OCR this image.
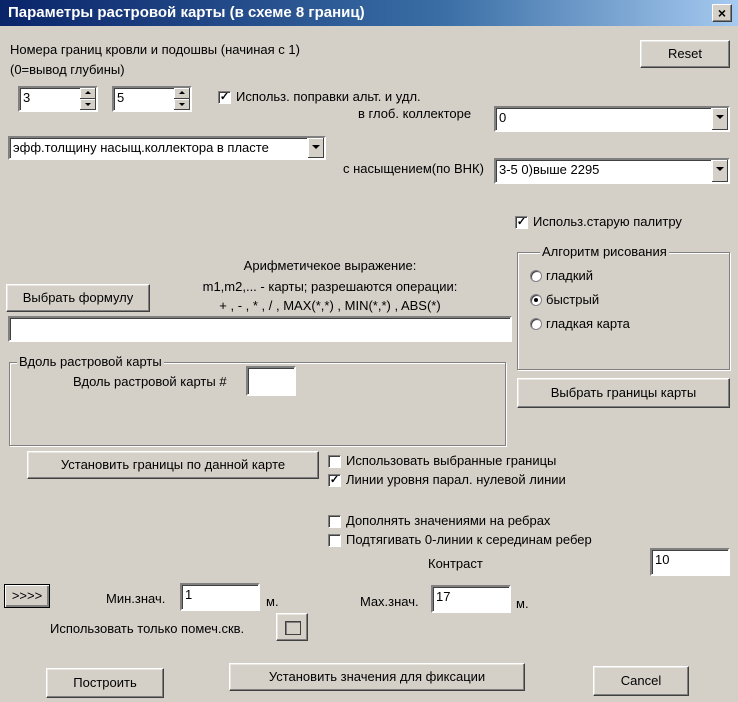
Параметры растровой карты (в схеме 8 границ)	×
Номера границ кровли и подошвы (начиная с 1)
(0=вывод глубины)
Reset
3	5	✓ Использ. поправки альт. и удл.
в глоб. коллекторе 0
эфф.толщину насыщ.коллектора в пласте
с насыщением(по ВНК) 3-5 0)выше 2295
✓ Использ.старую палитру
Алгоритм рисования
гладкий
быстрый
гладкая карта
Арифметичекое выражение:
m1,m2,... - карты; разрешаются операции:
+ , - , * , / , MAX(*,*) , MIN(*,*) , ABS(*)
Выбрать формулу
Вдоль растровой карты
Вдоль растровой карты #
Выбрать границы карты
Установить границы по данной карте	Использовать выбранные границы
✓ Линии уровня парал. нулевой линии
Дополнять значениями на ребрах
Подтягивать 0-линии к серединам ребер
Контраст	10
>>>>	Мин.знач. 1	м.	Max.знач. 17	м.
Использовать только помеч.скв.
Построить	Установить значения для фиксации	Cancel
